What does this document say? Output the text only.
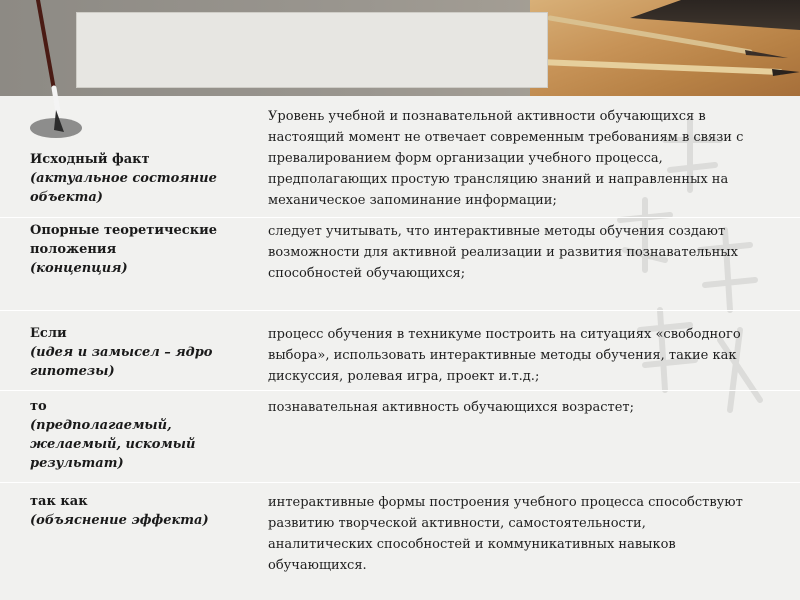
Исходный факт
(актуальное состояние объекта)
Уровень учебной и познавательной активности обучающихся в настоящий момент не отвечает современным требованиям в связи с превалированием форм организации учебного процесса, предполагающих простую трансляцию знаний и направленных на механическое запоминание информации;
Опорные теоретические положения
(концепция)
следует учитывать, что интерактивные методы обучения создают возможности для активной реализации и развития познавательных способностей обучающихся;
Если
(идея и замысел – ядро гипотезы)
процесс обучения в техникуме построить на ситуациях «свободного выбора», использовать интерактивные методы обучения, такие как дискуссия, ролевая игра, проект и.т.д.;
то
(предполагаемый, желаемый, искомый результат)
познавательная активность обучающихся возрастет;
так как
(объяснение эффекта)
интерактивные формы построения учебного процесса способствуют развитию творческой активности, самостоятельности, аналитических способностей и коммуникативных навыков обучающихся.
